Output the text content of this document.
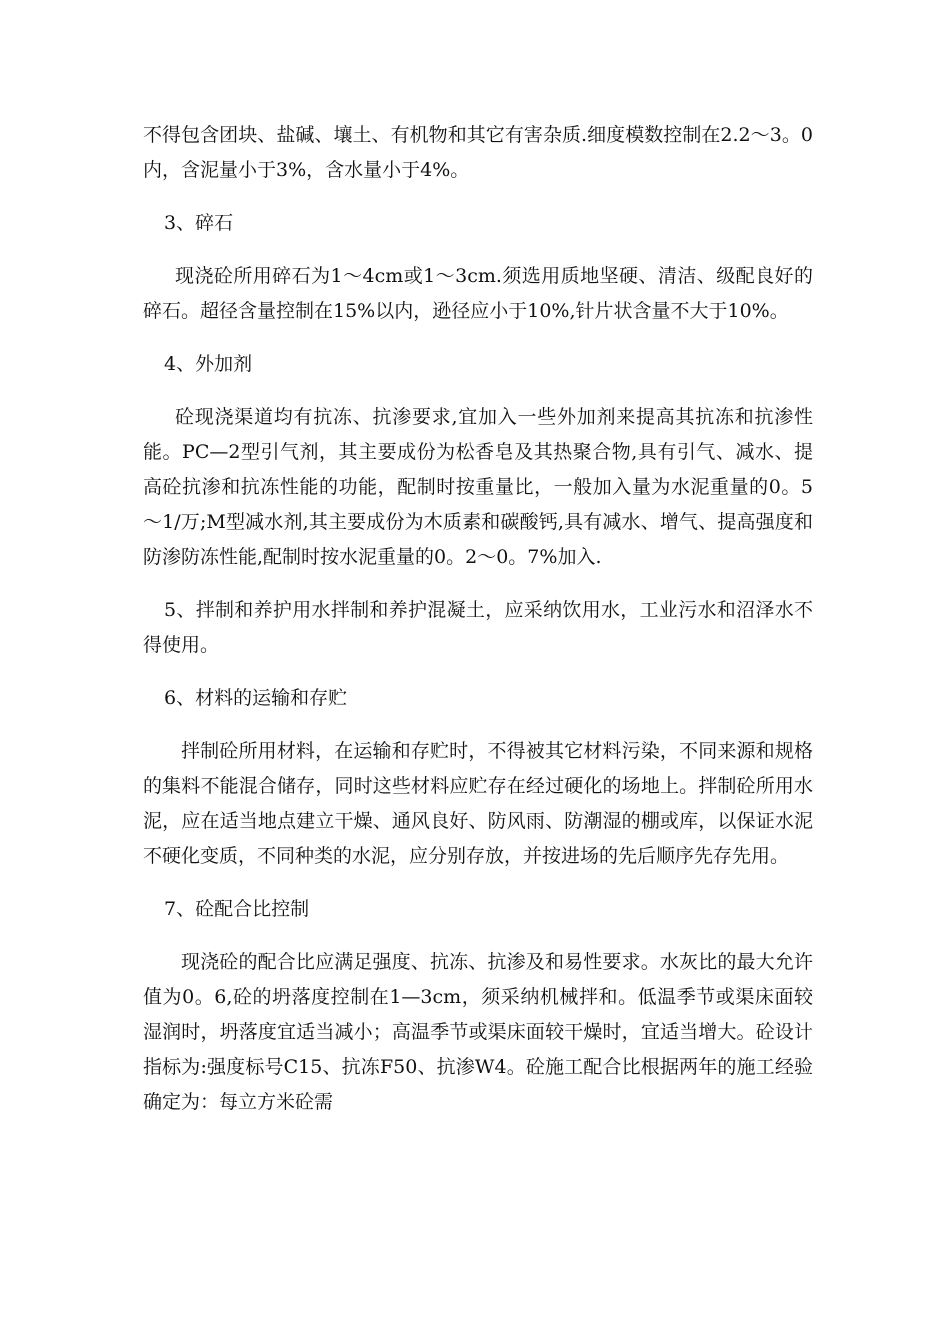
不得包含团块、盐碱、壤土、有机物和其它有害杂质.细度模数控制在2.2～3。0内，含泥量小于3%，含水量小于4%。

3、碎石

现浇砼所用碎石为1～4cm或1～3cm.须选用质地坚硬、清洁、级配良好的碎石。超径含量控制在15%以内，逊径应小于10%,针片状含量不大于10%。

4、外加剂

砼现浇渠道均有抗冻、抗渗要求,宜加入一些外加剂来提高其抗冻和抗渗性能。PC—2型引气剂，其主要成份为松香皂及其热聚合物,具有引气、减水、提高砼抗渗和抗冻性能的功能，配制时按重量比，一般加入量为水泥重量的0。5～1/万;M型减水剂,其主要成份为木质素和碳酸钙,具有减水、增气、提高强度和防渗防冻性能,配制时按水泥重量的0。2～0。7%加入.

5、拌制和养护用水拌制和养护混凝土，应采纳饮用水，工业污水和沼泽水不得使用。

6、材料的运输和存贮

拌制砼所用材料，在运输和存贮时，不得被其它材料污染，不同来源和规格的集料不能混合储存，同时这些材料应贮存在经过硬化的场地上。拌制砼所用水泥，应在适当地点建立干燥、通风良好、防风雨、防潮湿的棚或库，以保证水泥不硬化变质，不同种类的水泥，应分别存放，并按进场的先后顺序先存先用。

7、砼配合比控制

现浇砼的配合比应满足强度、抗冻、抗渗及和易性要求。水灰比的最大允许值为0。6,砼的坍落度控制在1—3cm，须采纳机械拌和。低温季节或渠床面较湿润时，坍落度宜适当减小；高温季节或渠床面较干燥时，宜适当增大。砼设计指标为:强度标号C15、抗冻F50、抗渗W4。砼施工配合比根据两年的施工经验确定为：每立方米砼需
